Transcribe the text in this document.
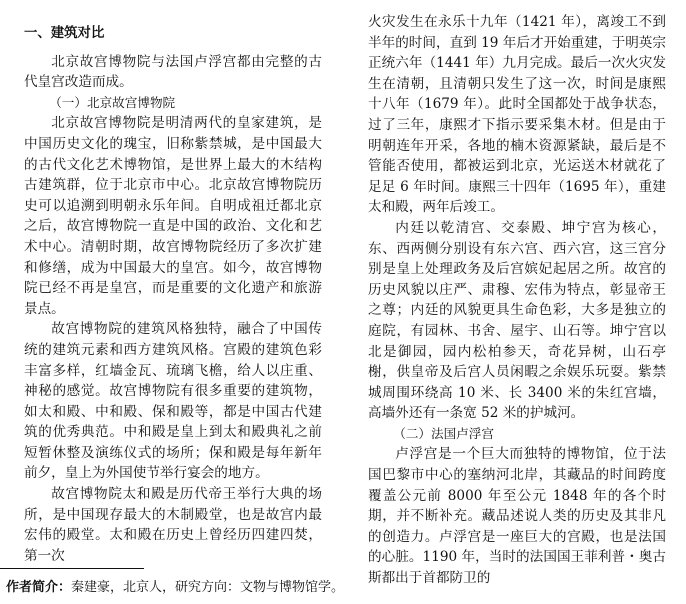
一、建筑对比

北京故宫博物院与法国卢浮宫都由完整的古代皇宫改造而成。

（一）北京故宫博物院

北京故宫博物院是明清两代的皇家建筑，是中国历史文化的瑰宝，旧称紫禁城，是中国最大的古代文化艺术博物馆，是世界上最大的木结构古建筑群，位于北京市中心。北京故宫博物院历史可以追溯到明朝永乐年间。自明成祖迁都北京之后，故宫博物院一直是中国的政治、文化和艺术中心。清朝时期，故宫博物院经历了多次扩建和修缮，成为中国最大的皇宫。如今，故宫博物院已经不再是皇宫，而是重要的文化遗产和旅游景点。

故宫博物院的建筑风格独特，融合了中国传统的建筑元素和西方建筑风格。宫殿的建筑色彩丰富多样，红墙金瓦、琉璃飞檐，给人以庄重、神秘的感觉。故宫博物院有很多重要的建筑物，如太和殿、中和殿、保和殿等，都是中国古代建筑的优秀典范。中和殿是皇上到太和殿典礼之前短暂休整及演练仪式的场所；保和殿是每年新年前夕，皇上为外国使节举行宴会的地方。

故宫博物院太和殿是历代帝王举行大典的场所，是中国现存最大的木制殿堂，也是故宫内最宏伟的殿堂。太和殿在历史上曾经历四建四焚，第一次

火灾发生在永乐十九年（1421 年），离竣工不到半年的时间，直到 19 年后才开始重建，于明英宗正统六年（1441 年）九月完成。最后一次火灾发生在清朝，且清朝只发生了这一次，时间是康熙十八年（1679 年）。此时全国都处于战争状态，过了三年，康熙才下指示要采集木材。但是由于明朝连年开采，各地的楠木资源紧缺，最后是不管能否使用，都被运到北京，光运送木材就花了足足 6 年时间。康熙三十四年（1695 年），重建太和殿，两年后竣工。

内廷以乾清宫、交泰殿、坤宁宫为核心，东、西两侧分别设有东六宫、西六宫，这三宫分别是皇上处理政务及后宫嫔妃起居之所。故宫的历史风貌以庄严、肃穆、宏伟为特点，彰显帝王之尊；内廷的风貌更具生命色彩，大多是独立的庭院，有园林、书舍、屋宇、山石等。坤宁宫以北是御园，园内松柏参天，奇花异树，山石亭榭，供皇帝及后宫人员闲暇之余娱乐玩耍。紫禁城周围环绕高 10 米、长 3400 米的朱红宫墙，高墙外还有一条宽 52 米的护城河。

（二）法国卢浮宫

卢浮宫是一个巨大而独特的博物馆，位于法国巴黎市中心的塞纳河北岸，其藏品的时间跨度覆盖公元前 8000 年至公元 1848 年的各个时期，并不断补充。藏品述说人类的历史及其非凡的创造力。卢浮宫是一座巨大的宫殿，也是法国的心脏。1190 年，当时的法国国王菲利普・奥古斯都出于首都防卫的

作者简介：秦建豪，北京人，研究方向：文物与博物馆学。
